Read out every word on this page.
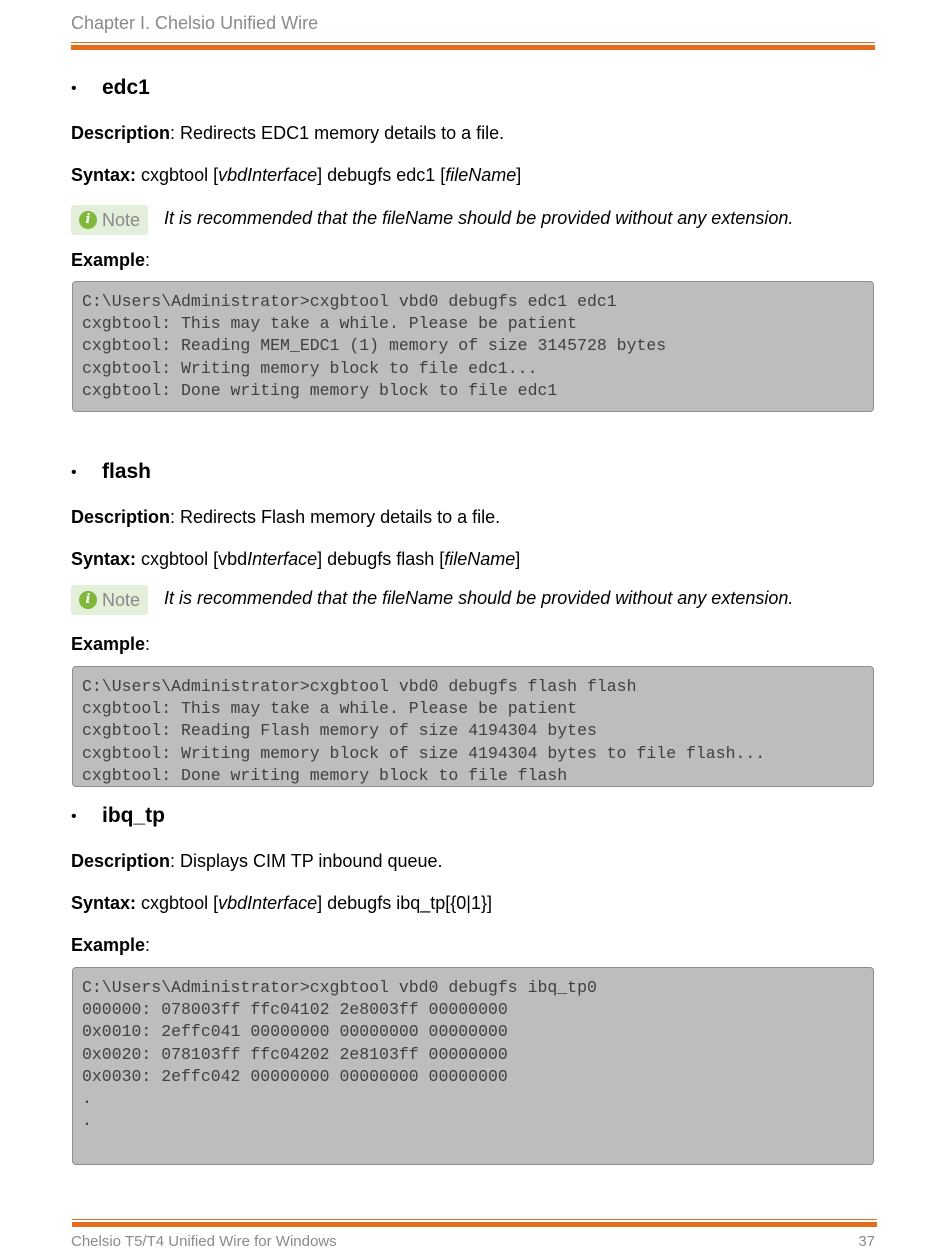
Chapter I. Chelsio Unified Wire
• edc1
Description: Redirects EDC1 memory details to a file.
Syntax: cxgbtool [vbdInterface] debugfs edc1 [fileName]
i Note It is recommended that the fileName should be provided without any extension.
Example:
C:\Users\Administrator>cxgbtool vbd0 debugfs edc1 edc1
cxgbtool: This may take a while. Please be patient
cxgbtool: Reading MEM_EDC1 (1) memory of size 3145728 bytes
cxgbtool: Writing memory block to file edc1...
cxgbtool: Done writing memory block to file edc1
• flash
Description: Redirects Flash memory details to a file.
Syntax: cxgbtool [vbdInterface] debugfs flash [fileName]
i Note It is recommended that the fileName should be provided without any extension.
Example:
C:\Users\Administrator>cxgbtool vbd0 debugfs flash flash
cxgbtool: This may take a while. Please be patient
cxgbtool: Reading Flash memory of size 4194304 bytes
cxgbtool: Writing memory block of size 4194304 bytes to file flash...
cxgbtool: Done writing memory block to file flash
• ibq_tp
Description: Displays CIM TP inbound queue.
Syntax: cxgbtool [vbdInterface] debugfs ibq_tp[{0|1}]
Example:
C:\Users\Administrator>cxgbtool vbd0 debugfs ibq_tp0
000000: 078003ff ffc04102 2e8003ff 00000000
0x0010: 2effc041 00000000 00000000 00000000
0x0020: 078103ff ffc04202 2e8103ff 00000000
0x0030: 2effc042 00000000 00000000 00000000
.
.
Chelsio T5/T4 Unified Wire for Windows	37
